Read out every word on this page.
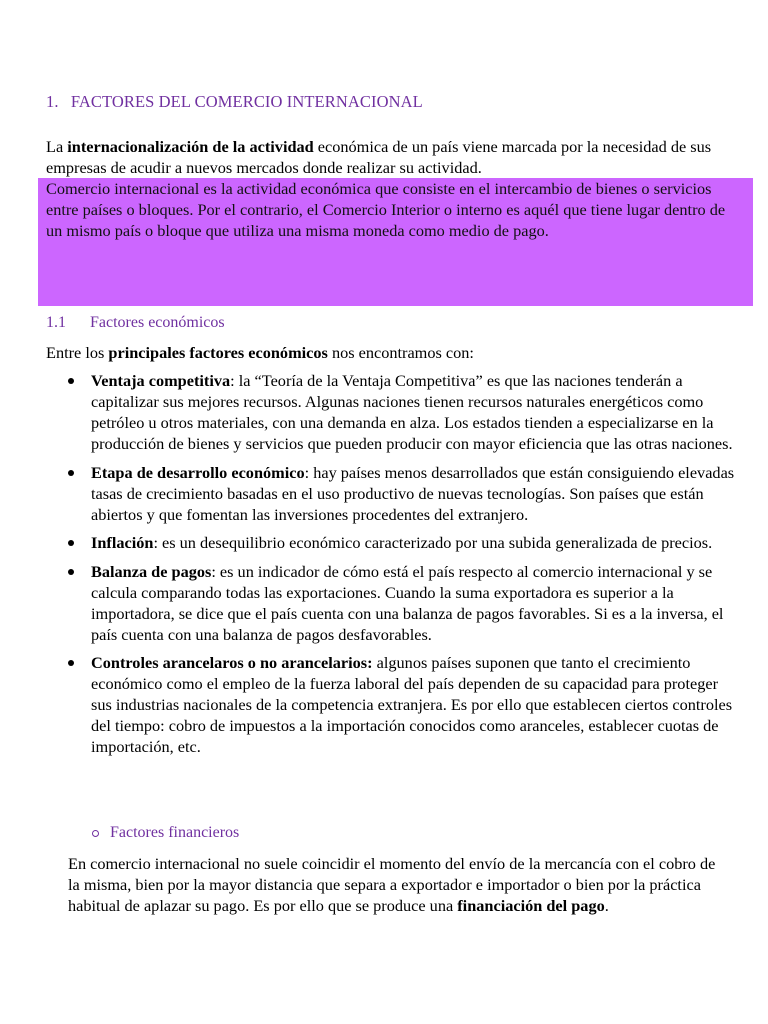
1. FACTORES DEL COMERCIO INTERNACIONAL

La internacionalización de la actividad económica de un país viene marcada por la necesidad de sus empresas de acudir a nuevos mercados donde realizar su actividad.

Comercio internacional es la actividad económica que consiste en el intercambio de bienes o servicios entre países o bloques. Por el contrario, el Comercio Interior o interno es aquél que tiene lugar dentro de un mismo país o bloque que utiliza una misma moneda como medio de pago.

1.1 Factores económicos

Entre los principales factores económicos nos encontramos con:

Ventaja competitiva: la “Teoría de la Ventaja Competitiva” es que las naciones tenderán a capitalizar sus mejores recursos. Algunas naciones tienen recursos naturales energéticos como petróleo u otros materiales, con una demanda en alza. Los estados tienden a especializarse en la producción de bienes y servicios que pueden producir con mayor eficiencia que las otras naciones.
Etapa de desarrollo económico: hay países menos desarrollados que están consiguiendo elevadas tasas de crecimiento basadas en el uso productivo de nuevas tecnologías. Son países que están abiertos y que fomentan las inversiones procedentes del extranjero.
Inflación: es un desequilibrio económico caracterizado por una subida generalizada de precios.
Balanza de pagos: es un indicador de cómo está el país respecto al comercio internacional y se calcula comparando todas las exportaciones. Cuando la suma exportadora es superior a la importadora, se dice que el país cuenta con una balanza de pagos favorables. Si es a la inversa, el país cuenta con una balanza de pagos desfavorables.
Controles arancelaros o no arancelarios: algunos países suponen que tanto el crecimiento económico como el empleo de la fuerza laboral del país dependen de su capacidad para proteger sus industrias nacionales de la competencia extranjera. Es por ello que establecen ciertos controles del tiempo: cobro de impuestos a la importación conocidos como aranceles, establecer cuotas de importación, etc.
Factores financieros

En comercio internacional no suele coincidir el momento del envío de la mercancía con el cobro de la misma, bien por la mayor distancia que separa a exportador e importador o bien por la práctica habitual de aplazar su pago. Es por ello que se produce una financiación del pago.
